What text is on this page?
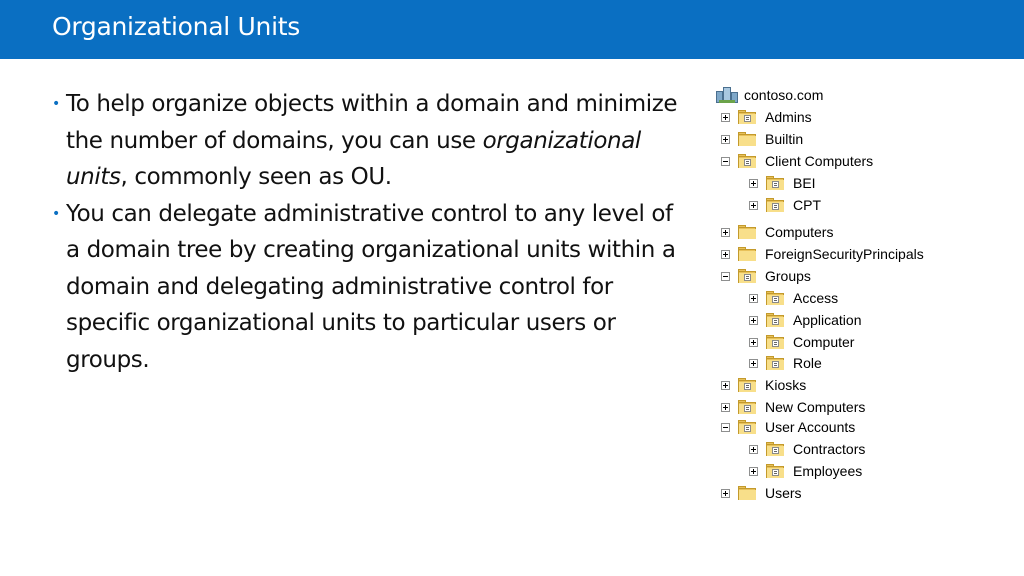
Organizational Units
• To help organize objects within a domain and minimize the number of domains, you can use organizational units, commonly seen as OU.
• You can delegate administrative control to any level of a domain tree by creating organizational units within a domain and delegating administrative control for specific organizational units to particular users or groups.
contoso.com
Admins
Builtin
Client Computers
BEI
CPT
Computers
ForeignSecurityPrincipals
Groups
Access
Application
Computer
Role
Kiosks
New Computers
User Accounts
Contractors
Employees
Users
